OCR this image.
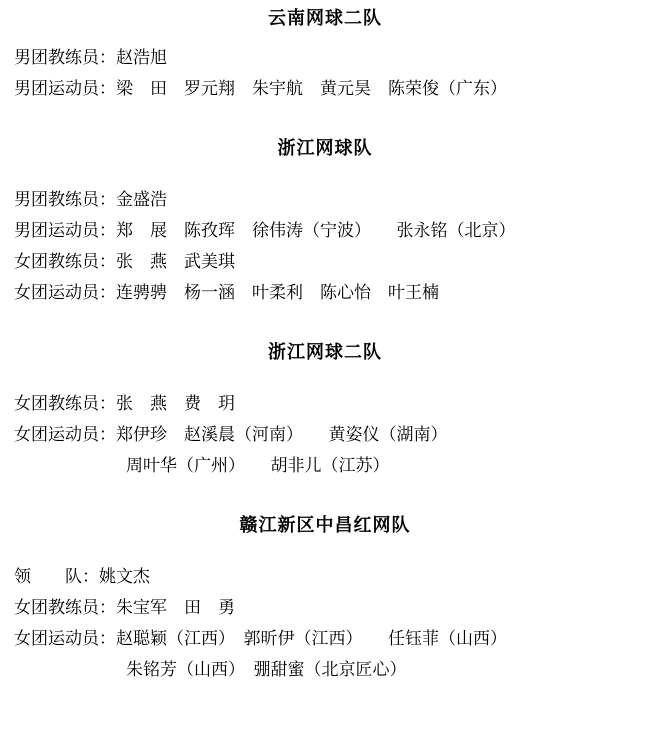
云南网球二队
男团教练员：赵浩旭
男团运动员：梁　田　罗元翔　朱宇航　黄元昊　陈荣俊（广东）
浙江网球队
男团教练员：金盛浩
男团运动员：郑　展　陈孜珲　徐伟涛（宁波）　　张永铭（北京）
女团教练员：张　燕　武美琪
女团运动员：连骋骋　杨一涵　叶柔利　陈心怡　叶王楠
浙江网球二队
女团教练员：张　燕　费　玥
女团运动员：郑伊珍　赵溪晨（河南）　　黄姿仪（湖南）
周叶华（广州）　　胡非儿（江苏）
赣江新区中昌红网队
领　　队：姚文杰
女团教练员：朱宝军　田　勇
女团运动员：赵聪颖（江西）　郭昕伊（江西）　　任钰菲（山西）
朱铭芳（山西）　弸甜蜜（北京匠心）
